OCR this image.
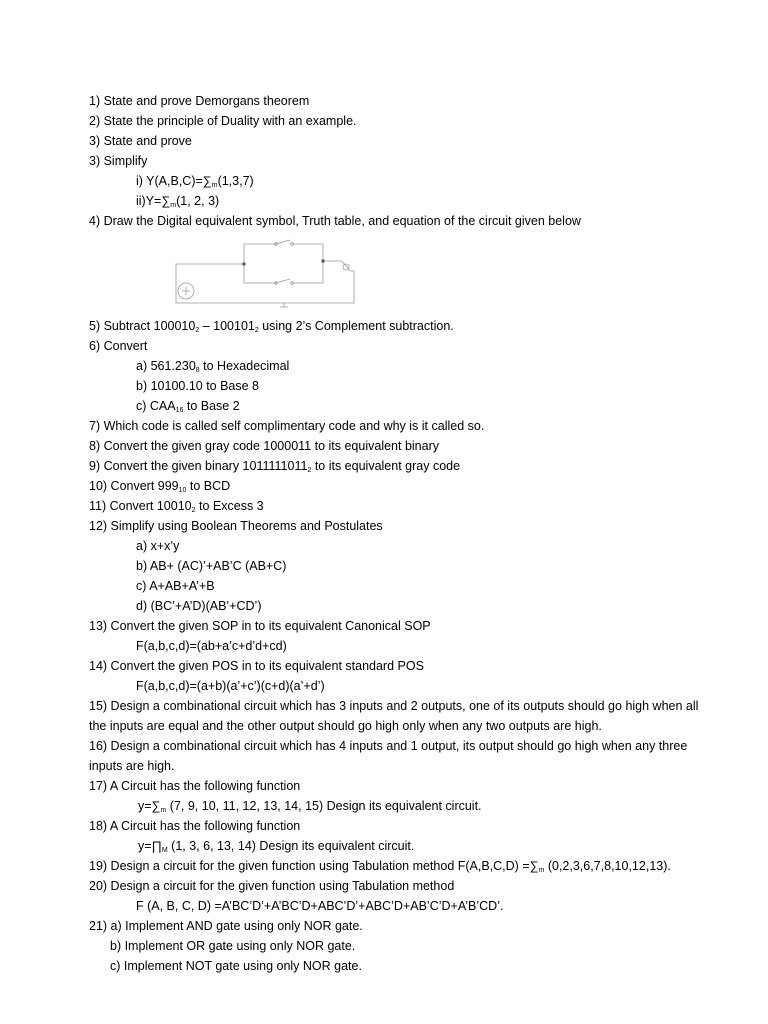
1) State and prove Demorgans theorem
2) State the principle of Duality with an example.
3) State and prove
3) Simplify
i) $Y(A,B,C)=\sum_m(1,3,7)$
$ii)Y=\sum_m(1$, 2, 3)
4) Draw the Digital equivalent symbol, Truth table, and equation of the circuit given below
5) Subtract $100010_2 - 100101_2$ using 2’s Complement subtraction.
6) Convert
a) $561.230_8$ to Hexadecimal
b) 10100.10 to Base 8
c) $CAA_{16}$ to Base 2
7) Which code is called self complimentary code and why is it called so.
8) Convert the given gray code 1000011 to its equivalent binary
9) Convert the given binary $1011111011_2$ to its equivalent gray code
10) Convert $999_{10}$ to BCD
11) Convert $10010_2$ to Excess 3
12) Simplify using Boolean Theorems and Postulates
a) x+x’y
b) AB+ (AC)’+AB’C (AB+C)
c) A+AB+A’+B
d) (BC’+A’D)(AB’+CD’)
13) Convert the given SOP in to its equivalent Canonical SOP
F(a,b,c,d)=(ab+a’c+d’d+cd)
14) Convert the given POS in to its equivalent standard POS
F(a,b,c,d)=(a+b)(a’+c’)(c+d)(a’+d’)
15) Design a combinational circuit which has 3 inputs and 2 outputs, one of its outputs should go high when all
the inputs are equal and the other output should go high only when any two outputs are high.
16) Design a combinational circuit which has 4 inputs and 1 output, its output should go high when any three
inputs are high.
17) A Circuit has the following function
$y=\sum_m$ (7, 9, 10, 11, 12, 13, 14, 15) Design its equivalent circuit.
18) A Circuit has the following function
$y=\prod_M$ (1, 3, 6, 13, 14) Design its equivalent circuit.
19) Design a circuit for the given function using Tabulation method $F(A,B,C,D) =\sum_m$ (0,2,3,6,7,8,10,12,13).
20) Design a circuit for the given function using Tabulation method
F (A, B, C, D) =A’BC’D’+A’BC’D+ABC’D’+ABC’D+AB’C’D+A’B’CD’.
21) a) Implement AND gate using only NOR gate.
b) Implement OR gate using only NOR gate.
c) Implement NOT gate using only NOR gate.
